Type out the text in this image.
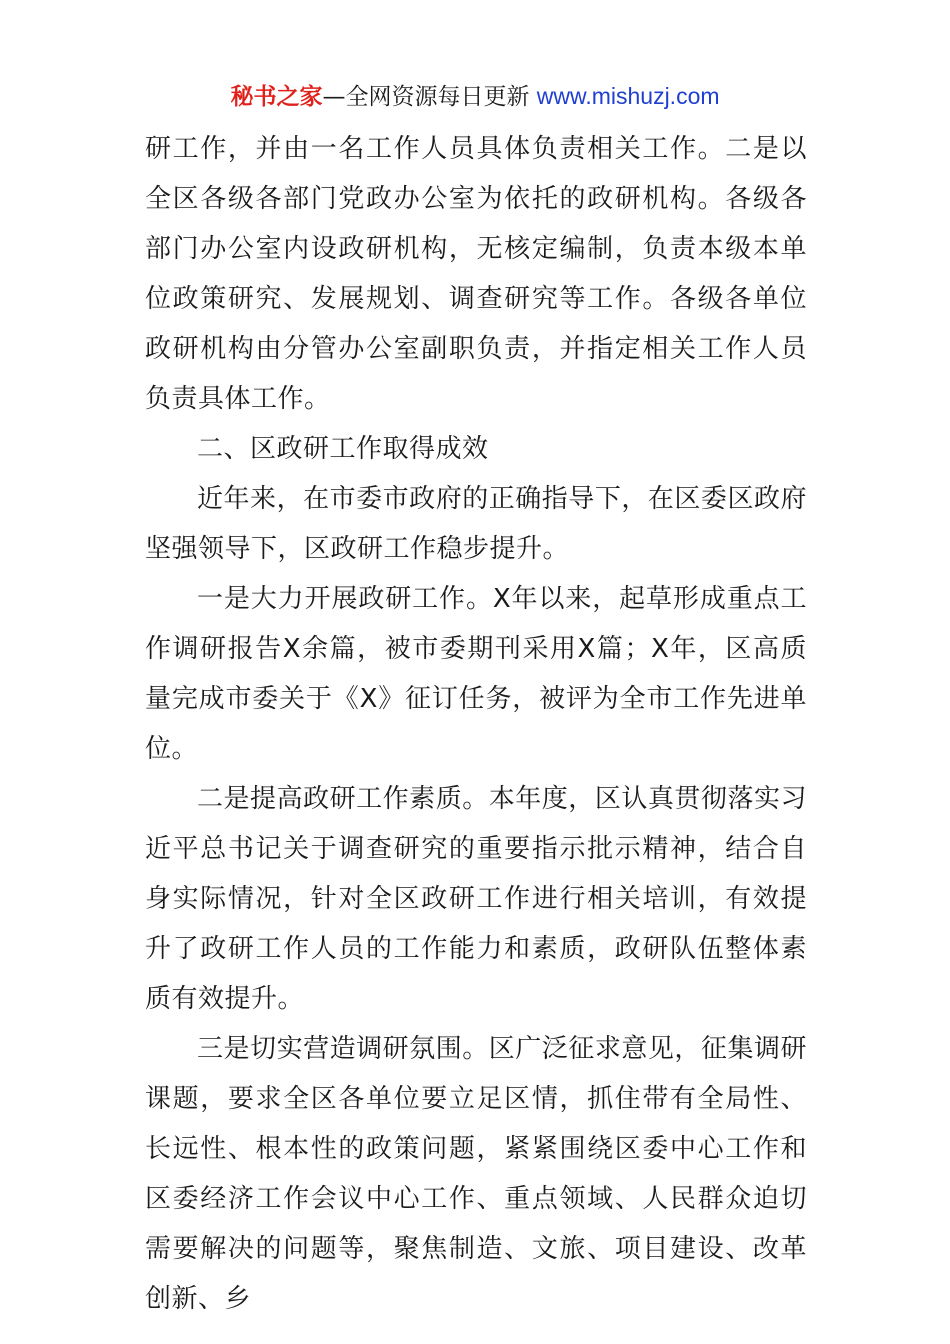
秘书之家—全网资源每日更新 www.mishuzj.com

研工作，并由一名工作人员具体负责相关工作。二是以全区各级各部门党政办公室为依托的政研机构。各级各部门办公室内设政研机构，无核定编制，负责本级本单位政策研究、发展规划、调查研究等工作。各级各单位政研机构由分管办公室副职负责，并指定相关工作人员负责具体工作。

二、区政研工作取得成效

近年来，在市委市政府的正确指导下，在区委区政府坚强领导下，区政研工作稳步提升。

一是大力开展政研工作。X年以来，起草形成重点工作调研报告X余篇，被市委期刊采用X篇；X年，区高质量完成市委关于《X》征订任务，被评为全市工作先进单位。

二是提高政研工作素质。本年度，区认真贯彻落实习近平总书记关于调查研究的重要指示批示精神，结合自身实际情况，针对全区政研工作进行相关培训，有效提升了政研工作人员的工作能力和素质，政研队伍整体素质有效提升。

三是切实营造调研氛围。区广泛征求意见，征集调研课题，要求全区各单位要立足区情，抓住带有全局性、长远性、根本性的政策问题，紧紧围绕区委中心工作和区委经济工作会议中心工作、重点领域、人民群众迫切需要解决的问题等，聚焦制造、文旅、项目建设、改革创新、乡
